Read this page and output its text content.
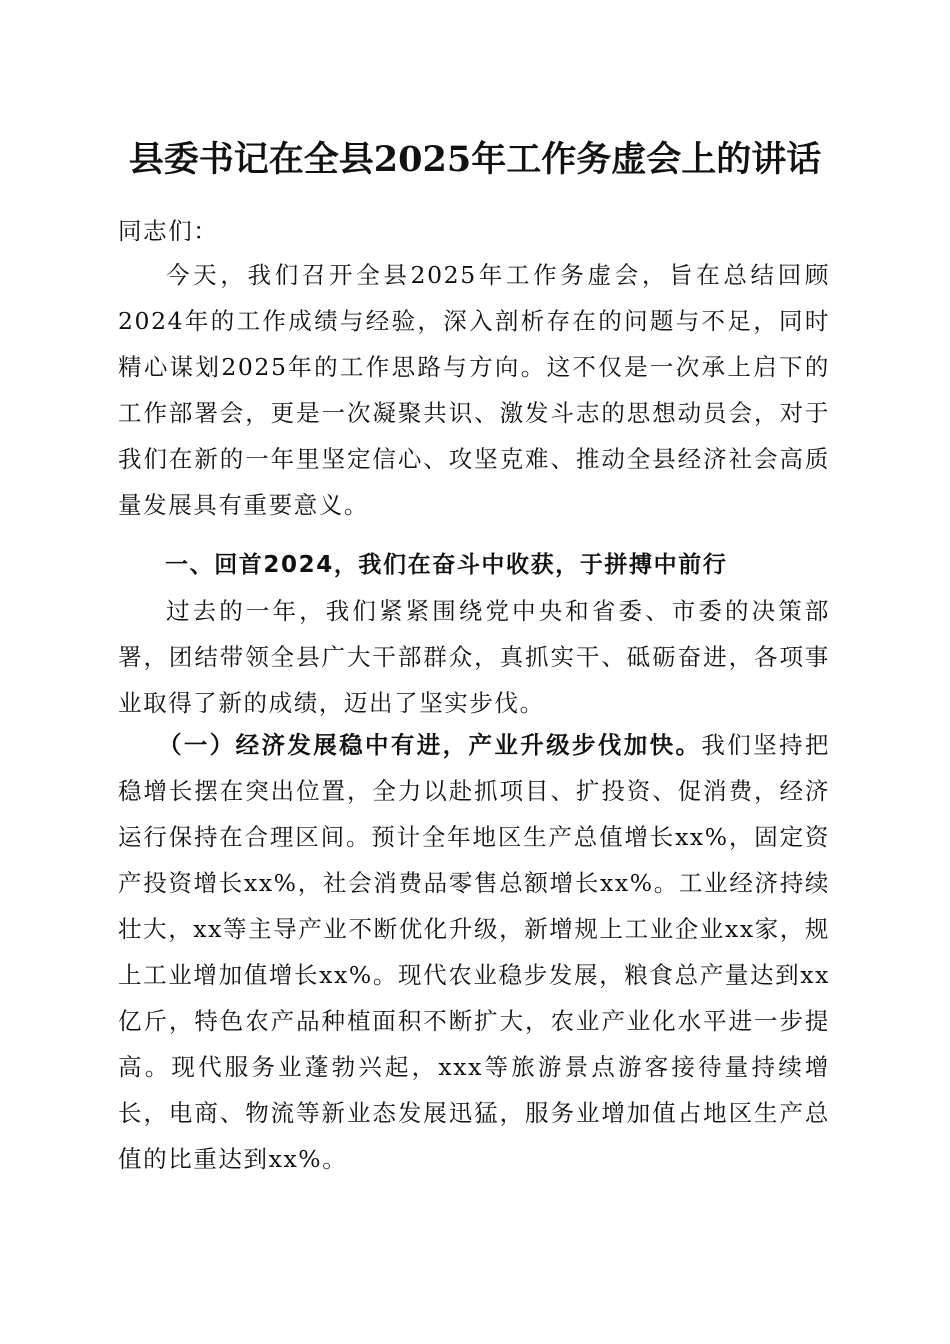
县委书记在全县2025年工作务虚会上的讲话
同志们：
今天，我们召开全县2025年工作务虚会，旨在总结回顾2024年的工作成绩与经验，深入剖析存在的问题与不足，同时精心谋划2025年的工作思路与方向。这不仅是一次承上启下的工作部署会，更是一次凝聚共识、激发斗志的思想动员会，对于我们在新的一年里坚定信心、攻坚克难、推动全县经济社会高质量发展具有重要意义。
一、回首2024，我们在奋斗中收获，于拼搏中前行
过去的一年，我们紧紧围绕党中央和省委、市委的决策部署，团结带领全县广大干部群众，真抓实干、砥砺奋进，各项事业取得了新的成绩，迈出了坚实步伐。
（一）经济发展稳中有进，产业升级步伐加快。我们坚持把稳增长摆在突出位置，全力以赴抓项目、扩投资、促消费，经济运行保持在合理区间。预计全年地区生产总值增长xx%，固定资产投资增长xx%，社会消费品零售总额增长xx%。工业经济持续壮大，xx等主导产业不断优化升级，新增规上工业企业xx家，规上工业增加值增长xx%。现代农业稳步发展，粮食总产量达到xx亿斤，特色农产品种植面积不断扩大，农业产业化水平进一步提高。现代服务业蓬勃兴起，xxx等旅游景点游客接待量持续增长，电商、物流等新业态发展迅猛，服务业增加值占地区生产总值的比重达到xx%。
